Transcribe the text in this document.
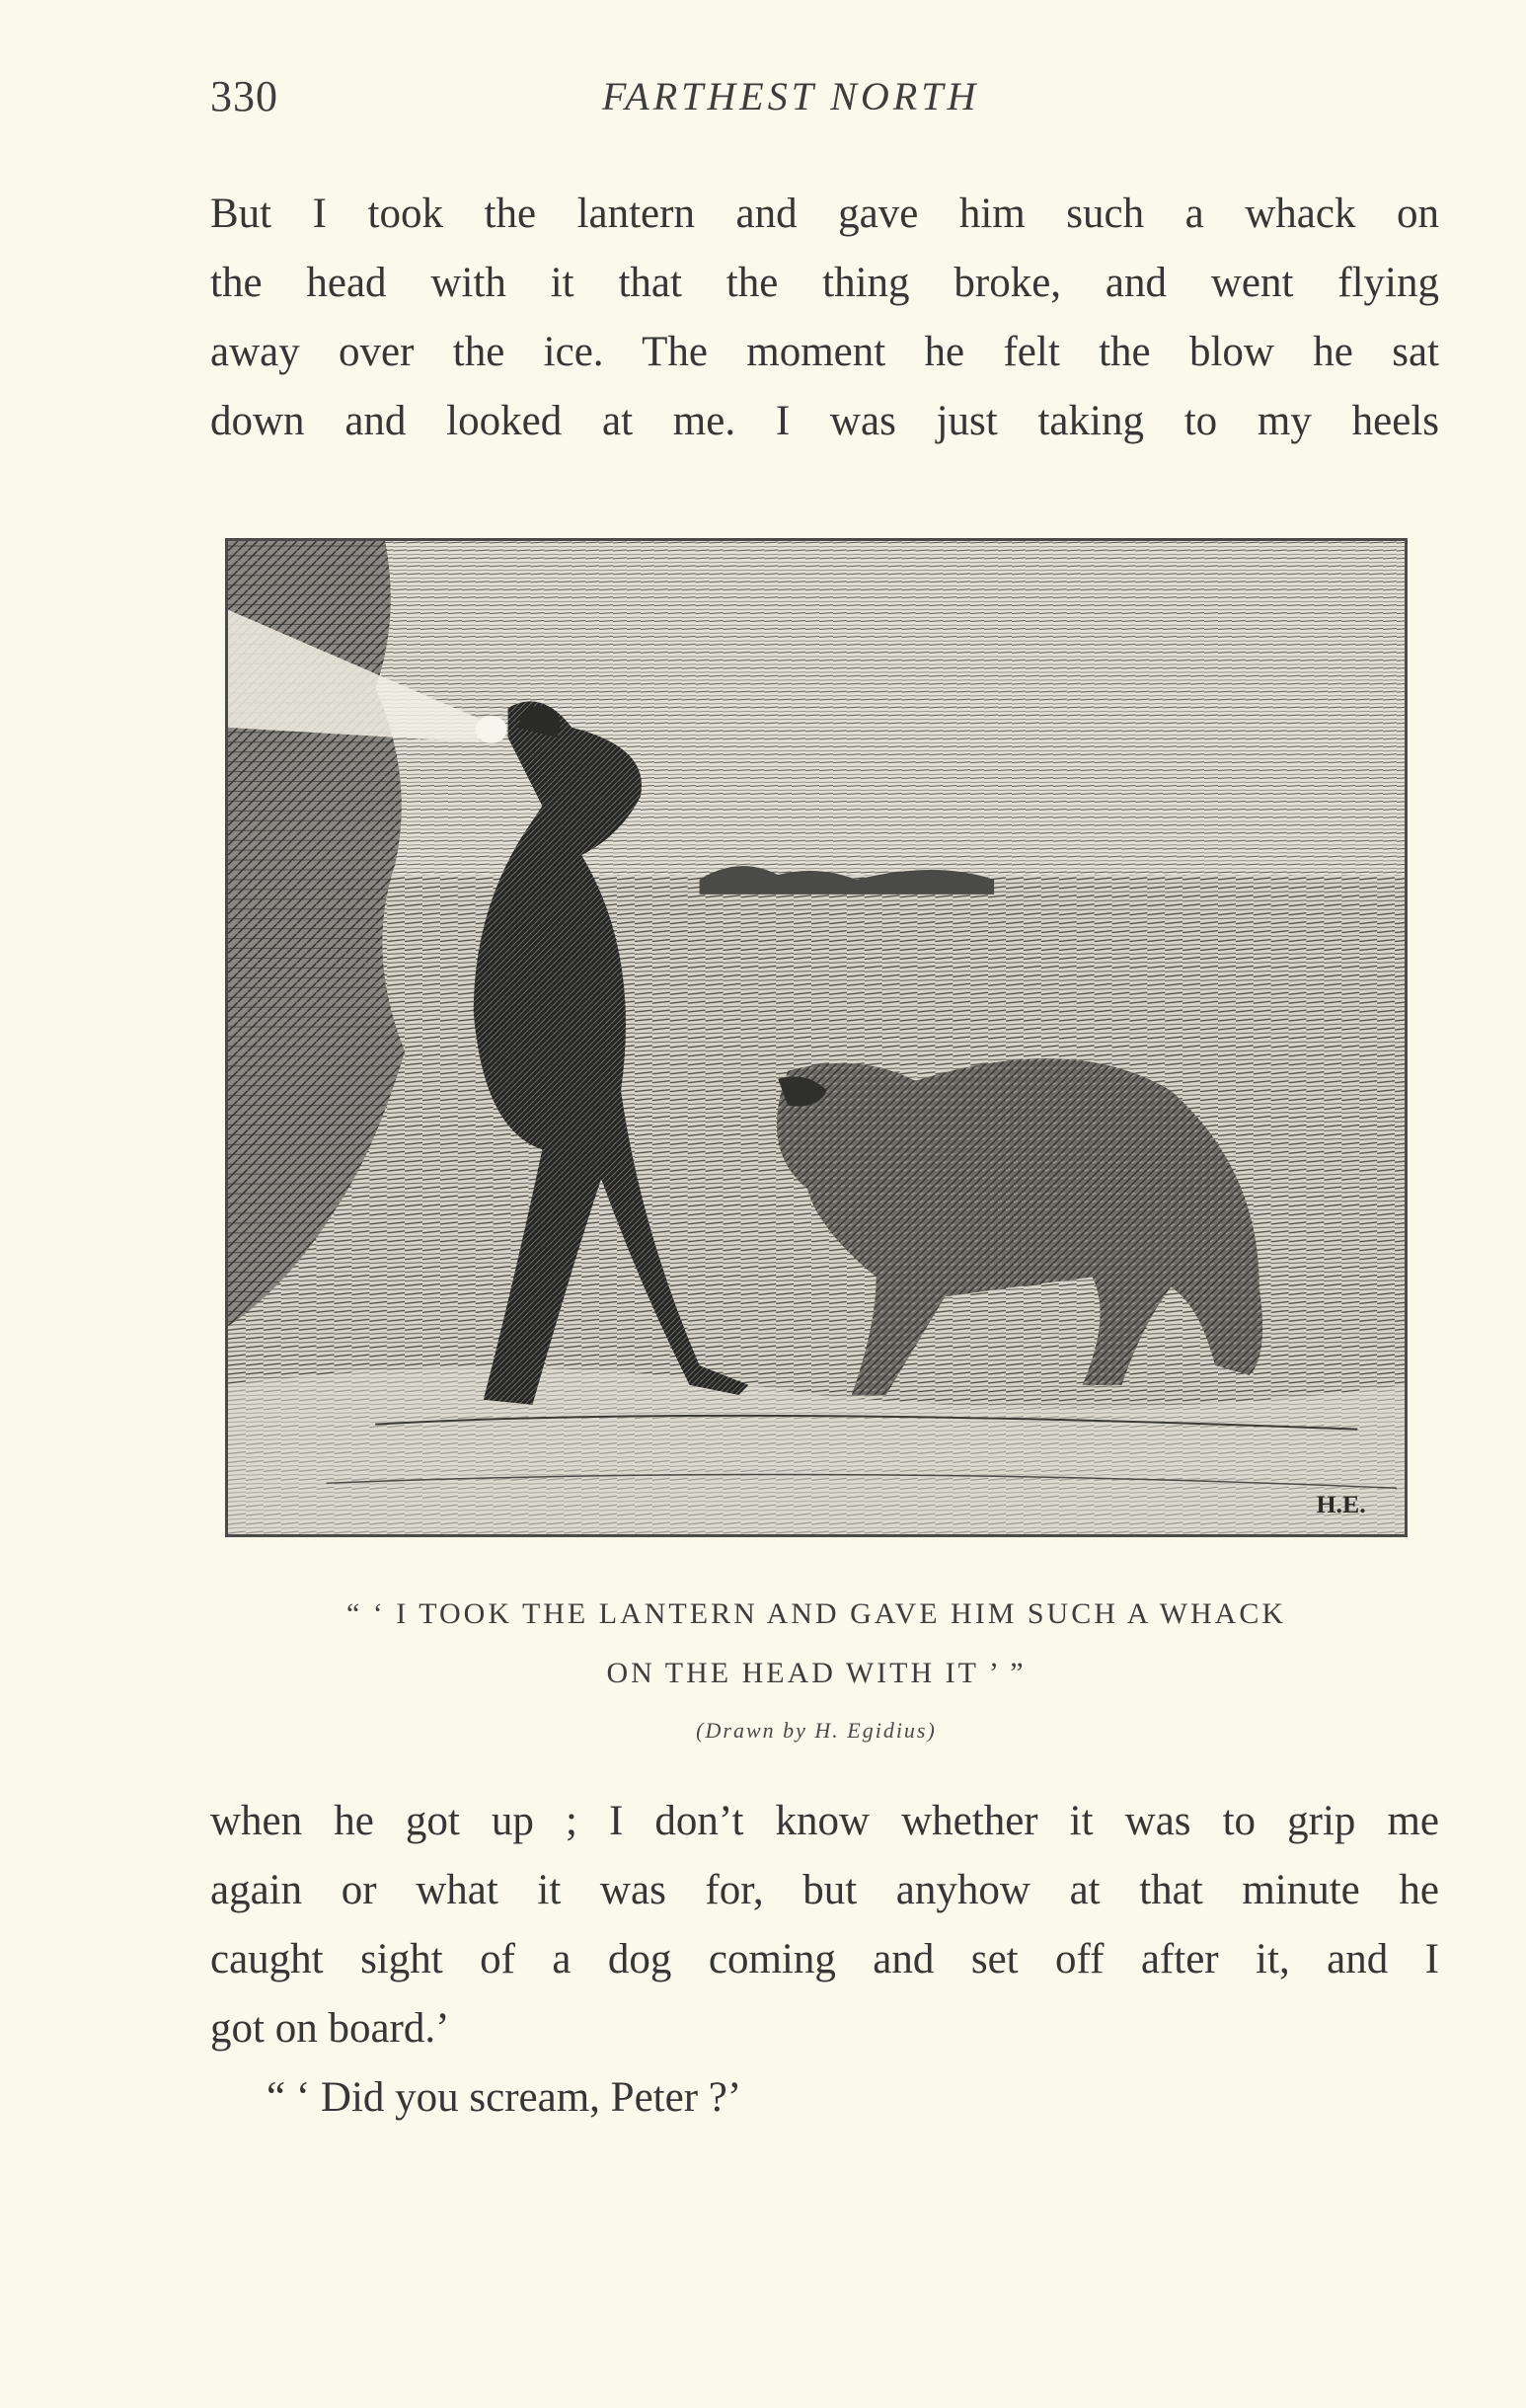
330	FARTHEST NORTH
But I took the lantern and gave him such a whack on
the head with it that the thing broke, and went flying
away over the ice. The moment he felt the blow he sat
down and looked at me. I was just taking to my heels
H.E.
“ ‘ I TOOK THE LANTERN AND GAVE HIM SUCH A WHACK
ON THE HEAD WITH IT ’ ”
(Drawn by H. Egidius)
when he got up ; I don’t know whether it was to grip me
again or what it was for, but anyhow at that minute he
caught sight of a dog coming and set off after it, and I
got on board.’
“ ‘ Did you scream, Peter ?’
